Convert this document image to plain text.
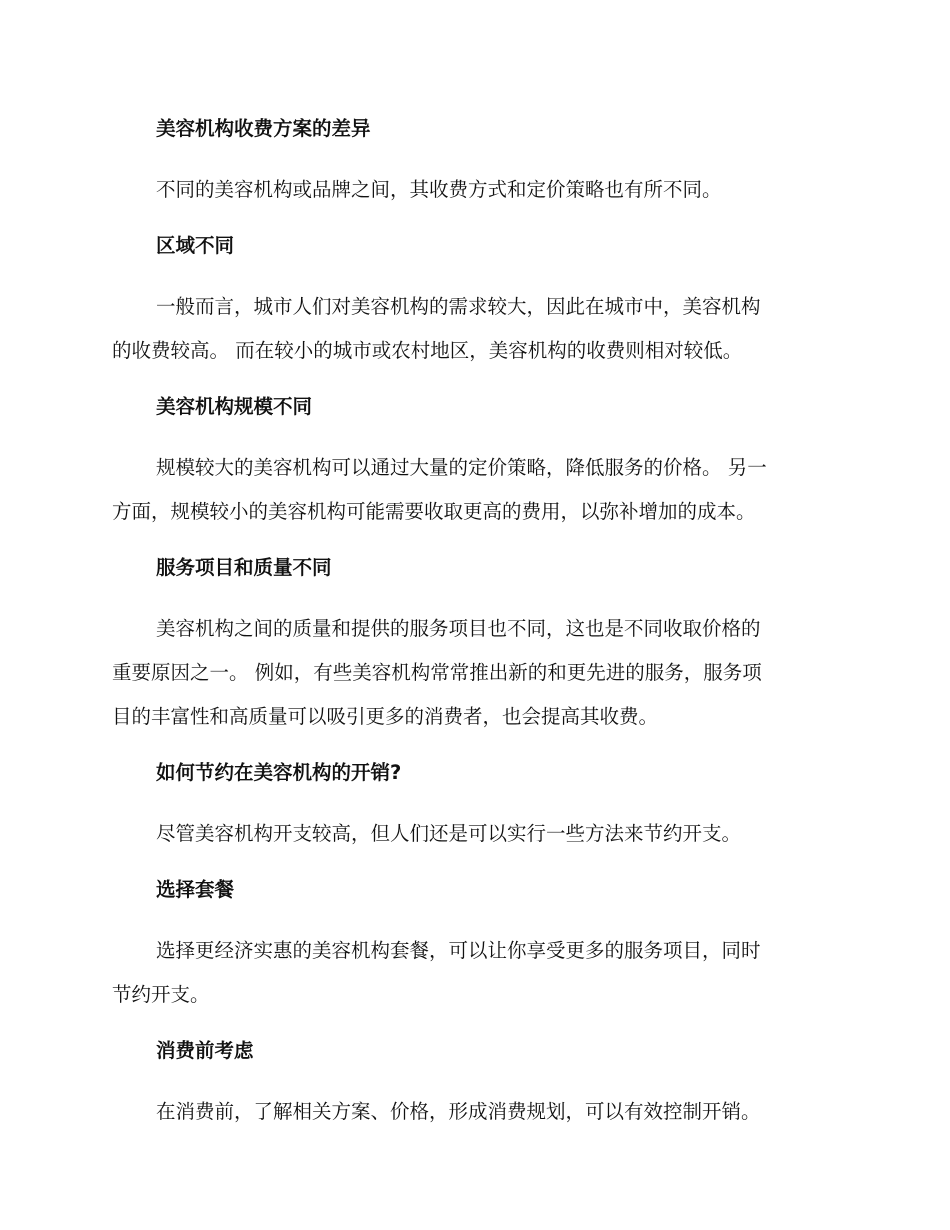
美容机构收费方案的差异
不同的美容机构或品牌之间，其收费方式和定价策略也有所不同。
区域不同
一般而言，城市人们对美容机构的需求较大，因此在城市中，美容机构
的收费较高。 而在较小的城市或农村地区，美容机构的收费则相对较低。
美容机构规模不同
规模较大的美容机构可以通过大量的定价策略，降低服务的价格。 另一
方面，规模较小的美容机构可能需要收取更高的费用，以弥补增加的成本。
服务项目和质量不同
美容机构之间的质量和提供的服务项目也不同，这也是不同收取价格的
重要原因之一。 例如，有些美容机构常常推出新的和更先进的服务，服务项
目的丰富性和高质量可以吸引更多的消费者，也会提高其收费。
如何节约在美容机构的开销?
尽管美容机构开支较高，但人们还是可以实行一些方法来节约开支。
选择套餐
选择更经济实惠的美容机构套餐，可以让你享受更多的服务项目，同时
节约开支。
消费前考虑
在消费前，了解相关方案、价格，形成消费规划，可以有效控制开销。
